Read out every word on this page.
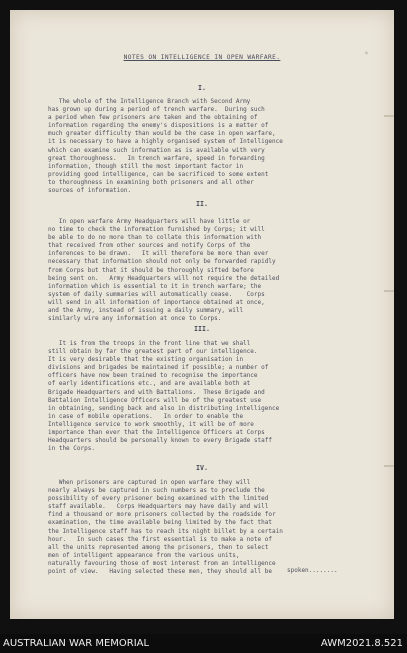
*
NOTES ON INTELLIGENCE IN OPEN WARFARE.
I.
The whole of the Intelligence Branch with Second Army
has grown up during a period of trench warfare.  During such
a period when few prisoners are taken and the obtaining of
information regarding the enemy's dispositions is a matter of
much greater difficulty than would be the case in open warfare,
it is necessary to have a highly organised system of Intelligence
which can examine such information as is available with very
great thoroughness.   In trench warfare, speed in forwarding
information, though still the most important factor in
providing good intelligence, can be sacrificed to some extent
to thoroughness in examining both prisoners and all other
sources of information.
II.
In open warfare Army Headquarters will have little or
no time to check the information furnished by Corps; it will
be able to do no more than to collate this information with
that received from other sources and notify Corps of the
inferences to be drawn.   It will therefore be more than ever
necessary that information should not only be forwarded rapidly
from Corps but that it should be thoroughly sifted before
being sent on.   Army Headquarters will not require the detailed
information which is essential to it in trench warfare; the
system of daily summaries will automatically cease.    Corps
will send in all information of importance obtained at once,
and the Army, instead of issuing a daily summary, will
similarly wire any information at once to Corps.
III.
It is from the troops in the front line that we shall
still obtain by far the greatest part of our intelligence.
It is very desirable that the existing organisation in
divisions and brigades be maintained if possible; a number of
officers have now been trained to recognise the importance
of early identifications etc., and are available both at
Brigade Headquarters and with Battalions.  These Brigade and
Battalion Intelligence Officers will be of the greatest use
in obtaining, sending back and also in distributing intelligence
in case of mobile operations.   In order to enable the
Intelligence service to work smoothly, it will be of more
importance than ever that the Intelligence Officers at Corps
Headquarters should be personally known to every Brigade staff
in the Corps.
IV.
When prisoners are captured in open warfare they will
nearly always be captured in such numbers as to preclude the
possibility of every prisoner being examined with the limited
staff available.   Corps Headquarters may have daily and will
find a thousand or more prisoners collected by the roadside for
examination, the time available being limited by the fact that
the Intelligence staff has to reach its night billet by a certain
hour.   In such cases the first essential is to make a note of
all the units represented among the prisoners, then to select
men of intelligent appearance from the various units,
naturally favouring those of most interest from an intelligence
point of view.   Having selected these men, they should all be	spoken........
AUSTRALIAN WAR MEMORIAL	AWM2021.8.521
